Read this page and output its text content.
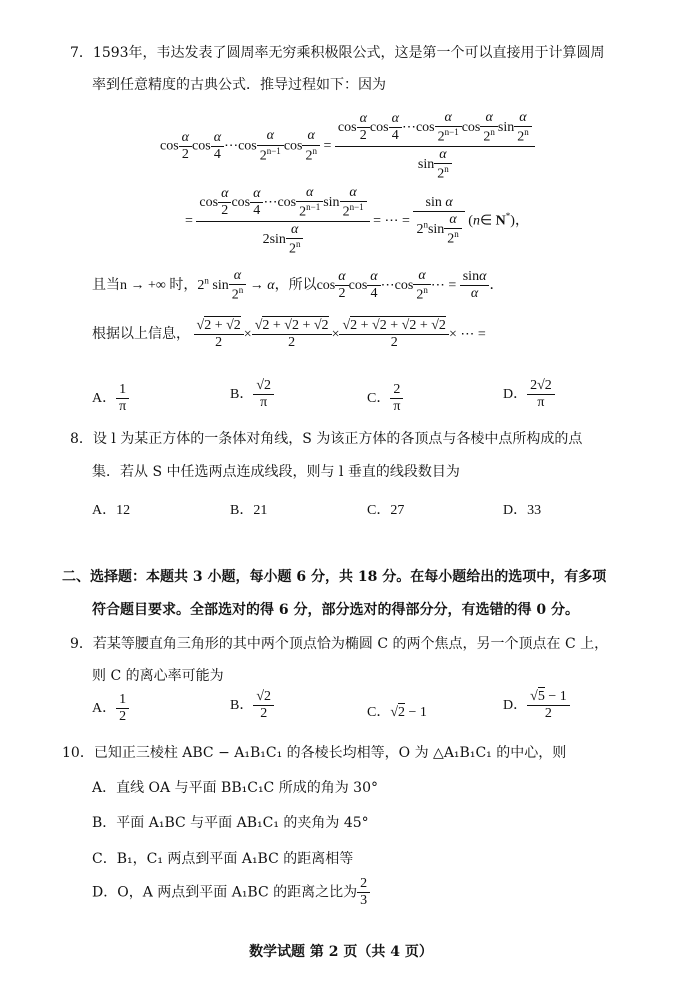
7．1593年，韦达发表了圆周率无穷乘积极限公式，这是第一个可以直接用于计算圆周
率到任意精度的古典公式．推导过程如下：因为
$\cos \frac{\alpha}{2}$ $\cos \frac{\alpha}{4}$ ⋯cos $\frac{\alpha}{2^{n-1}}$ $\cos \frac{\alpha}{2^n} = \frac{\cos \frac{\alpha}{2} \cos \frac{\alpha}{4} \cdots\cos \frac{\alpha}{2^{n-1}} \cos \frac{\alpha}{2^n} \sin \frac{\alpha}{2^n}}{\sin \frac{\alpha}{2^n}}$
= $\frac{\cos \frac{\alpha}{2} \cos \frac{\alpha}{4} \cdots\cos \frac{\alpha}{2^{n-1}} \sin \frac{\alpha}{2^{n-1}}}{2\sin \frac{\alpha}{2^n}}$ = ⋯ = $\frac{\text{sin α}}{2^n\sin \frac{\alpha}{2^n}}$ (n∈ N*)，
且当n → +∞ 时，2$^n$ $\sin \frac{\alpha}{2^n} \to \alpha$，所以$\cos \frac{\alpha}{2}$ $\cos \frac{\alpha}{4}$ ⋯cos $\frac{\alpha}{2^n}$ ⋯ = $\frac{\sin\alpha}{\alpha}$ ．
根据以上信息， $\frac{√2 + √2}{2} \times \frac{√2 + √2 + √2}{2} \times \frac{√2 + √2 + √2 + √2}{2}$ × ⋯ =
A． $\frac{1}{\pi}$	B． $\frac{√2}{\pi}$	C． $\frac{2}{\pi}$	D． $\frac{2√2}{\pi}$
8．设 l 为某正方体的一条体对角线，S 为该正方体的各顶点与各棱中点所构成的点
集．若从 S 中任选两点连成线段，则与 l 垂直的线段数目为
A．12	B．21	C．27	D．33
二、选择题：本题共 3 小题，每小题 6 分，共 18 分。在每小题给出的选项中，有多项
符合题目要求。全部选对的得 6 分，部分选对的得部分分，有选错的得 0 分。
9．若某等腰直角三角形的其中两个顶点恰为椭圆 C 的两个焦点，另一个顶点在 C 上，
则 C 的离心率可能为
A． $\frac{1}{2}$	B． $\frac{√2}{2}$	C．√2 − 1	D． $\frac{√5 - 1}{2}$
10．已知正三棱柱 ABC − A₁B₁C₁ 的各棱长均相等，O 为 △A₁B₁C₁ 的中心，则
A．直线 OA 与平面 BB₁C₁C 所成的角为 30°
B．平面 A₁BC 与平面 AB₁C₁ 的夹角为 45°
C．B₁，C₁ 两点到平面 A₁BC 的距离相等
D．O，A 两点到平面 A₁BC 的距离之比为 $\frac{2}{3}$
数学试题 第 2 页（共 4 页）
